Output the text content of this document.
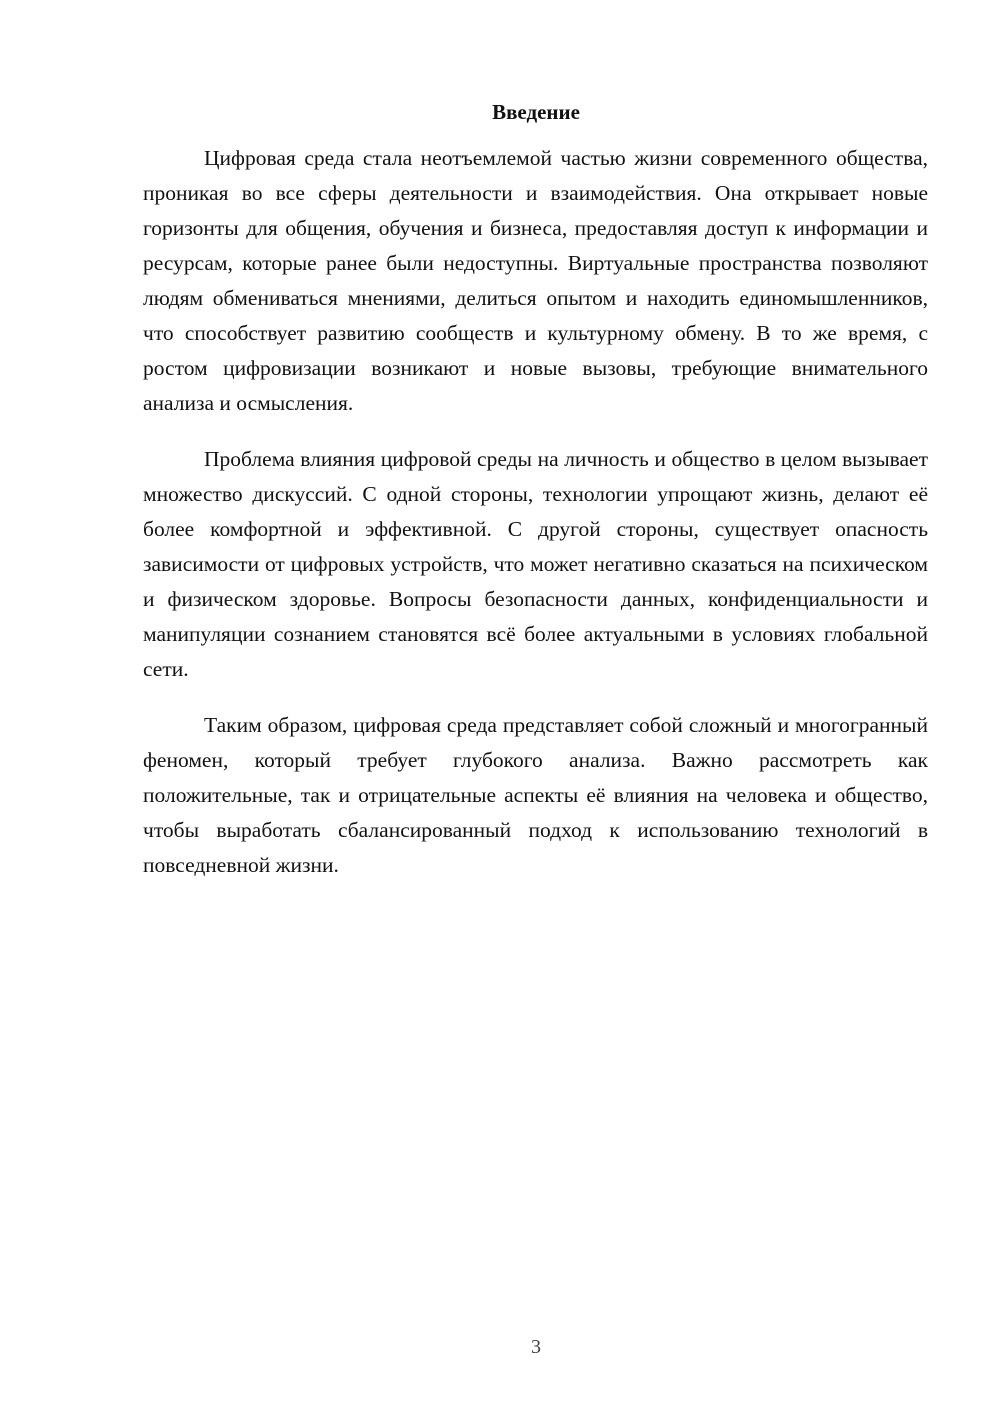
Введение

Цифровая среда стала неотъемлемой частью жизни современного общества, проникая во все сферы деятельности и взаимодействия. Она открывает новые горизонты для общения, обучения и бизнеса, предоставляя доступ к информации и ресурсам, которые ранее были недоступны. Виртуальные пространства позволяют людям обмениваться мнениями, делиться опытом и находить единомышленников, что способствует развитию сообществ и культурному обмену. В то же время, с ростом цифровизации возникают и новые вызовы, требующие внимательного анализа и осмысления.

Проблема влияния цифровой среды на личность и общество в целом вызывает множество дискуссий. С одной стороны, технологии упрощают жизнь, делают её более комфортной и эффективной. С другой стороны, существует опасность зависимости от цифровых устройств, что может негативно сказаться на психическом и физическом здоровье. Вопросы безопасности данных, конфиденциальности и манипуляции сознанием становятся всё более актуальными в условиях глобальной сети.

Таким образом, цифровая среда представляет собой сложный и многогранный феномен, который требует глубокого анализа. Важно рассмотреть как положительные, так и отрицательные аспекты её влияния на человека и общество, чтобы выработать сбалансированный подход к использованию технологий в повседневной жизни.

3
